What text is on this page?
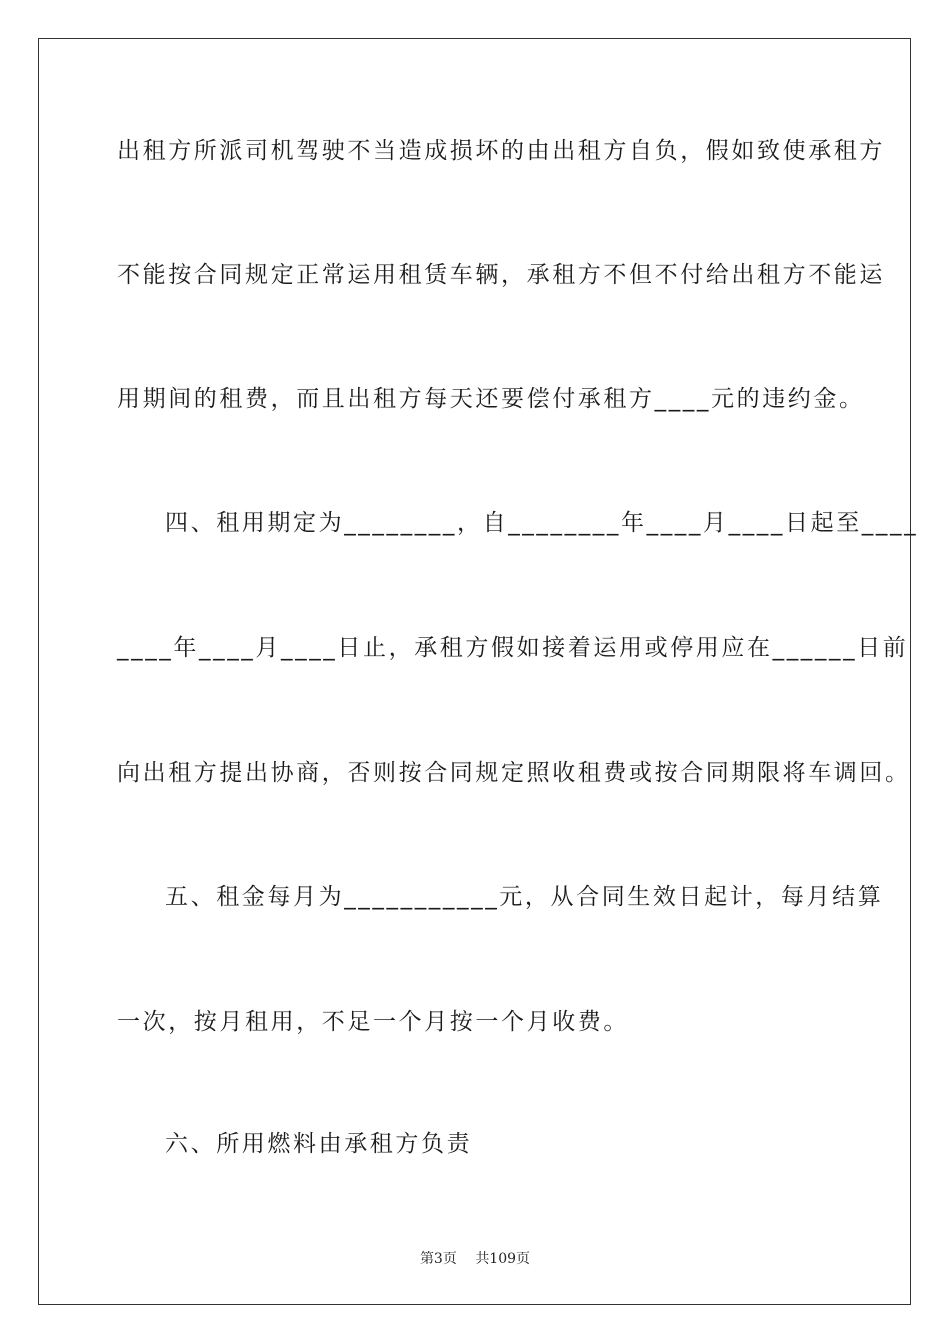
出租方所派司机驾驶不当造成损坏的由出租方自负，假如致使承租方
不能按合同规定正常运用租赁车辆，承租方不但不付给出租方不能运
用期间的租费，而且出租方每天还要偿付承租方____元的违约金。
四、租用期定为________，自________年____月____日起至____
____年____月____日止，承租方假如接着运用或停用应在______日前
向出租方提出协商，否则按合同规定照收租费或按合同期限将车调回。
五、租金每月为___________元，从合同生效日起计，每月结算
一次，按月租用，不足一个月按一个月收费。
六、所用燃料由承租方负责
第3页 共109页
